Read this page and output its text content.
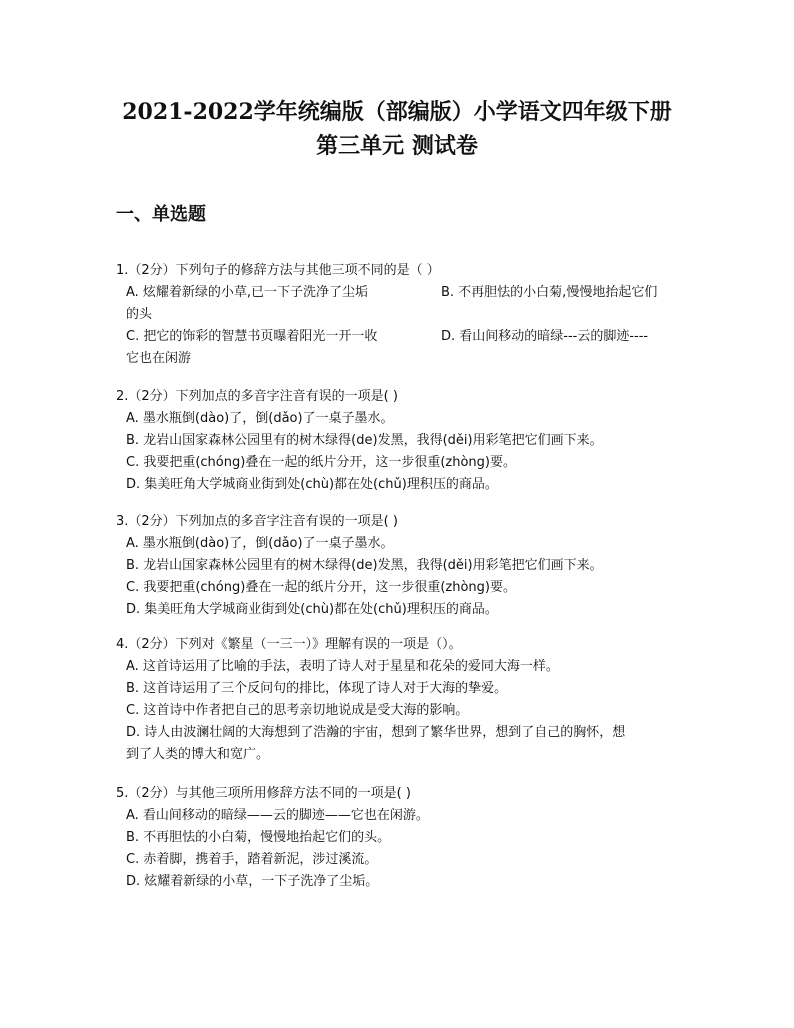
2021-2022学年统编版（部编版）小学语文四年级下册
第三单元 测试卷
一、单选题
1.（2分）下列句子的修辞方法与其他三项不同的是（ ）
A. 炫耀着新绿的小草,已一下子洗净了尘垢	B. 不再胆怯的小白菊,慢慢地抬起它们
的头
C. 把它的饰彩的智慧书页曝着阳光一开一收	D. 看山间移动的暗绿---云的脚迹----
它也在闲游
2.（2分）下列加点的多音字注音有误的一项是( )
A. 墨水瓶倒(dào)了，倒(dǎo)了一桌子墨水。
B. 龙岩山国家森林公园里有的树木绿得(de)发黑，我得(děi)用彩笔把它们画下来。
C. 我要把重(chóng)叠在一起的纸片分开，这一步很重(zhòng)要。
D. 集美旺角大学城商业街到处(chù)都在处(chǔ)理积压的商品。
3.（2分）下列加点的多音字注音有误的一项是( )
A. 墨水瓶倒(dào)了，倒(dǎo)了一桌子墨水。
B. 龙岩山国家森林公园里有的树木绿得(de)发黑，我得(děi)用彩笔把它们画下来。
C. 我要把重(chóng)叠在一起的纸片分开，这一步很重(zhòng)要。
D. 集美旺角大学城商业街到处(chù)都在处(chǔ)理积压的商品。
4.（2分）下列对《繁星（一三一）》理解有误的一项是（）。
A. 这首诗运用了比喻的手法，表明了诗人对于星星和花朵的爱同大海一样。
B. 这首诗运用了三个反问句的排比，体现了诗人对于大海的挚爱。
C. 这首诗中作者把自己的思考亲切地说成是受大海的影响。
D. 诗人由波澜壮阔的大海想到了浩瀚的宇宙，想到了繁华世界，想到了自己的胸怀，想
到了人类的博大和宽广。
5.（2分）与其他三项所用修辞方法不同的一项是( )
A. 看山间移动的暗绿——云的脚迹——它也在闲游。
B. 不再胆怯的小白菊，慢慢地抬起它们的头。
C. 赤着脚，携着手，踏着新泥，涉过溪流。
D. 炫耀着新绿的小草，一下子洗净了尘垢。
